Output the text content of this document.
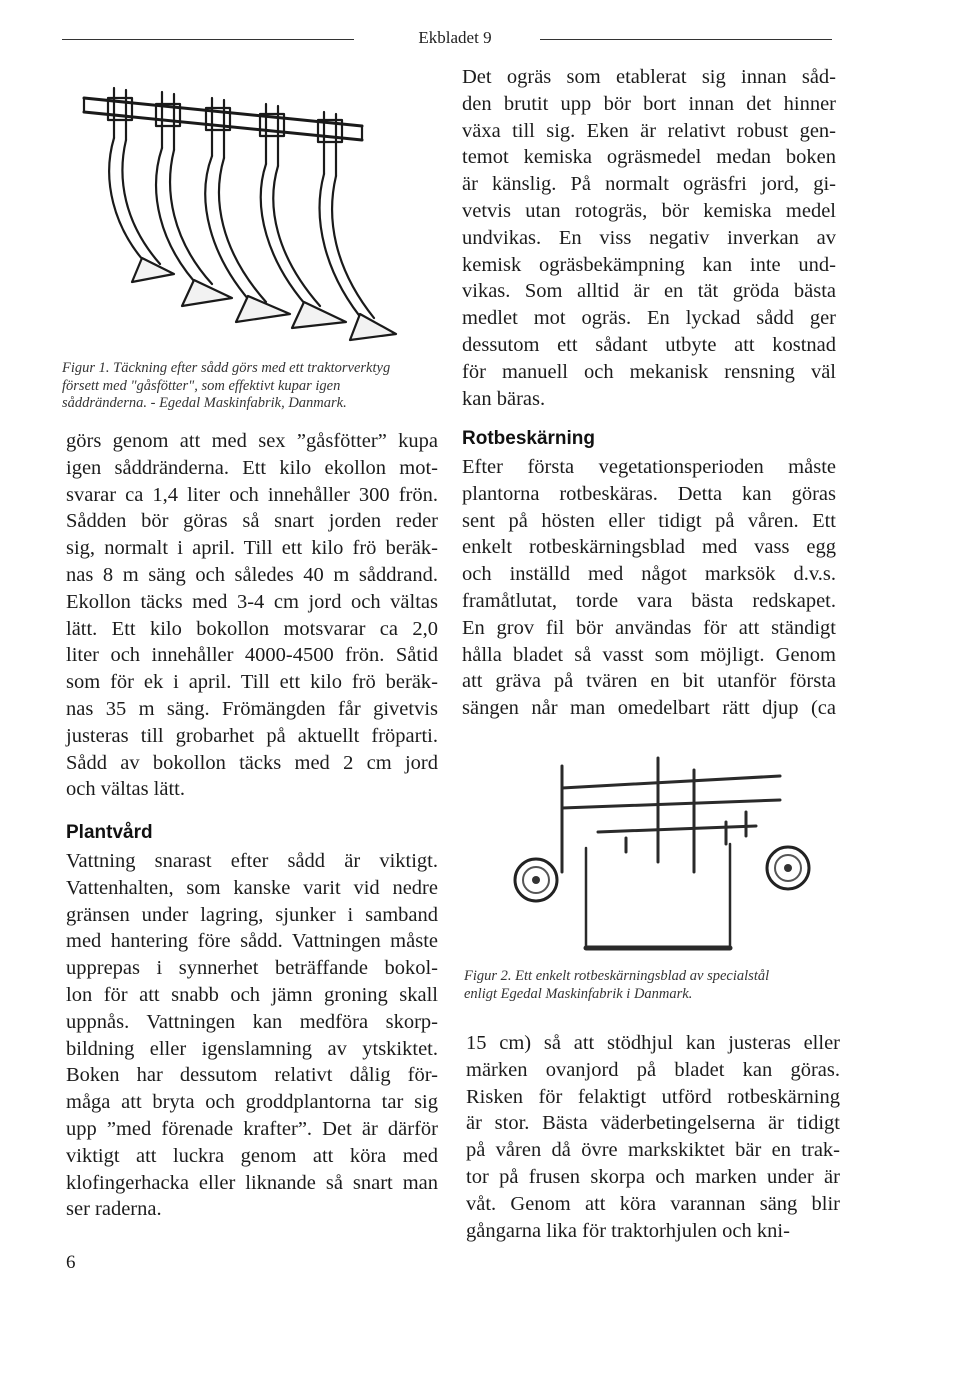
Ekbladet 9

Figur 1. Täckning efter sådd görs med ett traktorverktyg
försett med "gåsfötter", som effektivt kupar igen
såddränderna. - Egedal Maskinfabrik, Danmark.

görs genom att med sex ”gåsfötter” kupa
igen såddränderna. Ett kilo ekollon mot-
svarar ca 1,4 liter och innehåller 300 frön.
Sådden bör göras så snart jorden reder
sig, normalt i april. Till ett kilo frö beräk-
nas 8 m säng och således 40 m såddrand.
Ekollon täcks med 3-4 cm jord och vältas
lätt. Ett kilo bokollon motsvarar ca 2,0
liter och innehåller 4000-4500 frön. Såtid
som för ek i april. Till ett kilo frö beräk-
nas 35 m säng. Frömängden får givetvis
justeras till grobarhet på aktuellt fröparti.
Sådd av bokollon täcks med 2 cm jord
och vältas lätt.

Plantvård

Vattning snarast efter sådd är viktigt.
Vattenhalten, som kanske varit vid nedre
gränsen under lagring, sjunker i samband
med hantering före sådd. Vattningen måste
upprepas i synnerhet beträffande bokol-
lon för att snabb och jämn groning skall
uppnås. Vattningen kan medföra skorp-
bildning eller igenslamning av ytskiktet.
Boken har dessutom relativt dålig för-
måga att bryta och groddplantorna tar sig
upp ”med förenade krafter”. Det är därför
viktigt att luckra genom att köra med
klofingerhacka eller liknande så snart man
ser raderna.

6

Det ogräs som etablerat sig innan såd-
den brutit upp bör bort innan det hinner
växa till sig. Eken är relativt robust gen-
temot kemiska ogräsmedel medan boken
är känslig. På normalt ogräsfri jord, gi-
vetvis utan rotogräs, bör kemiska medel
undvikas. En viss negativ inverkan av
kemisk ogräsbekämpning kan inte und-
vikas. Som alltid är en tät gröda bästa
medlet mot ogräs. En lyckad sådd ger
dessutom ett sådant utbyte att kostnad
för manuell och mekanisk rensning väl
kan bäras.

Rotbeskärning

Efter första vegetationsperioden måste
plantorna rotbeskäras. Detta kan göras
sent på hösten eller tidigt på våren. Ett
enkelt rotbeskärningsblad med vass egg
och inställd med något marksök d.v.s.
framåtlutat, torde vara bästa redskapet.
En grov fil bör användas för att ständigt
hålla bladet så vasst som möjligt. Genom
att gräva på tvären en bit utanför första
sängen når man omedelbart rätt djup (ca

Figur 2. Ett enkelt rotbeskärningsblad av specialstål
enligt Egedal Maskinfabrik i Danmark.

15 cm) så att stödhjul kan justeras eller
märken ovanjord på bladet kan göras.
Risken för felaktigt utförd rotbeskärning
är stor. Bästa väderbetingelserna är tidigt
på våren då övre markskiktet bär en trak-
tor på frusen skorpa och marken under är
våt. Genom att köra varannan säng blir
gångarna lika för traktorhjulen och kni-
